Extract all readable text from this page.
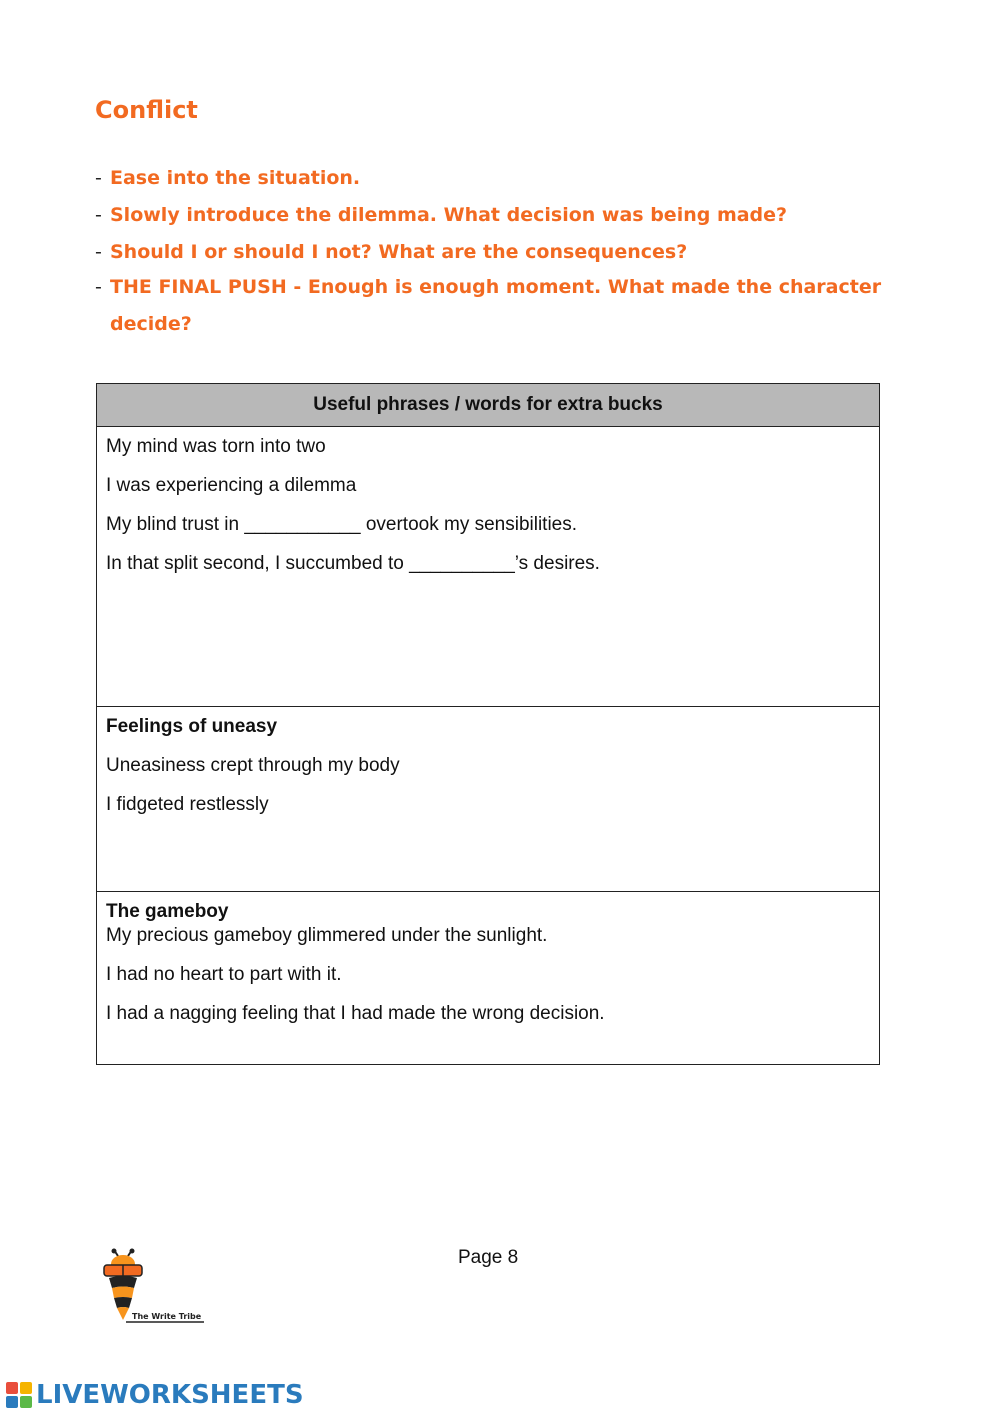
Conflict
- Ease into the situation.
- Slowly introduce the dilemma. What decision was being made?
- Should I or should I not? What are the consequences?
- THE FINAL PUSH - Enough is enough moment. What made the character decide?
Useful phrases / words for extra bucks

My mind was torn into two
I was experiencing a dilemma
My blind trust in ___________ overtook my sensibilities.
In that split second, I succumbed to __________’s desires.

Feelings of uneasy
Uneasiness crept through my body
I fidgeted restlessly

The gameboy
My precious gameboy glimmered under the sunlight.
I had no heart to part with it.
I had a nagging feeling that I had made the wrong decision.
Page 8
The Write Tribe
LIVEWORKSHEETS
